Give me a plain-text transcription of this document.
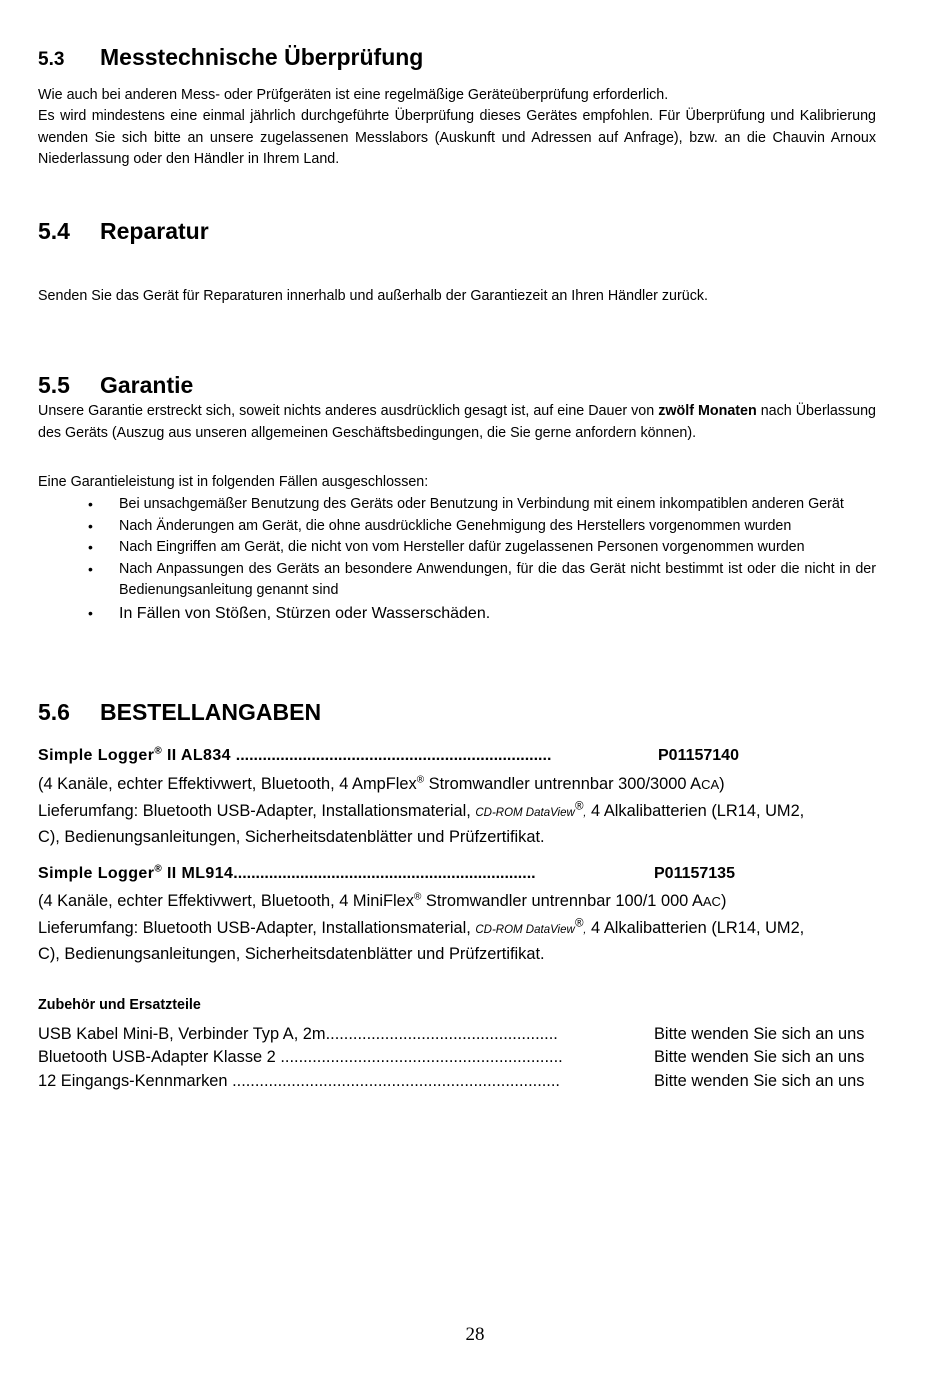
5.3 Messtechnische Überprüfung

Wie auch bei anderen Mess- oder Prüfgeräten ist eine regelmäßige Geräteüberprüfung erforderlich.

Es wird mindestens eine einmal jährlich durchgeführte Überprüfung dieses Gerätes empfohlen. Für Überprüfung und Kalibrierung wenden Sie sich bitte an unsere zugelassenen Messlabors (Auskunft und Adressen auf Anfrage), bzw. an die Chauvin Arnoux Niederlassung oder den Händler in Ihrem Land.

5.4 Reparatur

Senden Sie das Gerät für Reparaturen innerhalb und außerhalb der Garantiezeit an Ihren Händler zurück.

5.5 Garantie

Unsere Garantie erstreckt sich, soweit nichts anderes ausdrücklich gesagt ist, auf eine Dauer von zwölf Monaten nach Überlassung des Geräts (Auszug aus unseren allgemeinen Geschäftsbedingungen, die Sie gerne anfordern können).

Eine Garantieleistung ist in folgenden Fällen ausgeschlossen:

• Bei unsachgemäßer Benutzung des Geräts oder Benutzung in Verbindung mit einem inkompatiblen anderen Gerät
• Nach Änderungen am Gerät, die ohne ausdrückliche Genehmigung des Herstellers vorgenommen wurden
• Nach Eingriffen am Gerät, die nicht von vom Hersteller dafür zugelassenen Personen vorgenommen wurden
• Nach Anpassungen des Geräts an besondere Anwendungen, für die das Gerät nicht bestimmt ist oder die nicht in der Bedienungsanleitung genannt sind
• In Fällen von Stößen, Stürzen oder Wasserschäden.
5.6 BESTELLANGABEN
Simple Logger® II AL834 .......................................................................	P01157140

(4 Kanäle, echter Effektivwert, Bluetooth, 4 AmpFlex® Stromwandler untrennbar 300/3000 ACA)

Lieferumfang: Bluetooth USB-Adapter, Installationsmaterial, CD-ROM DataView®, 4 Alkalibatterien (LR14, UM2,
C), Bedienungsanleitungen, Sicherheitsdatenblätter und Prüfzertifikat.

Simple Logger® II ML914....................................................................	P01157135

(4 Kanäle, echter Effektivwert, Bluetooth, 4 MiniFlex® Stromwandler untrennbar 100/1 000 AAC)

Lieferumfang: Bluetooth USB-Adapter, Installationsmaterial, CD-ROM DataView®, 4 Alkalibatterien (LR14, UM2,
C), Bedienungsanleitungen, Sicherheitsdatenblätter und Prüfzertifikat.

Zubehör und Ersatzteile
USB Kabel Mini-B, Verbinder Typ A, 2m...................................................	Bitte wenden Sie sich an uns
Bluetooth USB-Adapter Klasse 2 ..............................................................	Bitte wenden Sie sich an uns
12 Eingangs-Kennmarken ........................................................................	Bitte wenden Sie sich an uns
28
